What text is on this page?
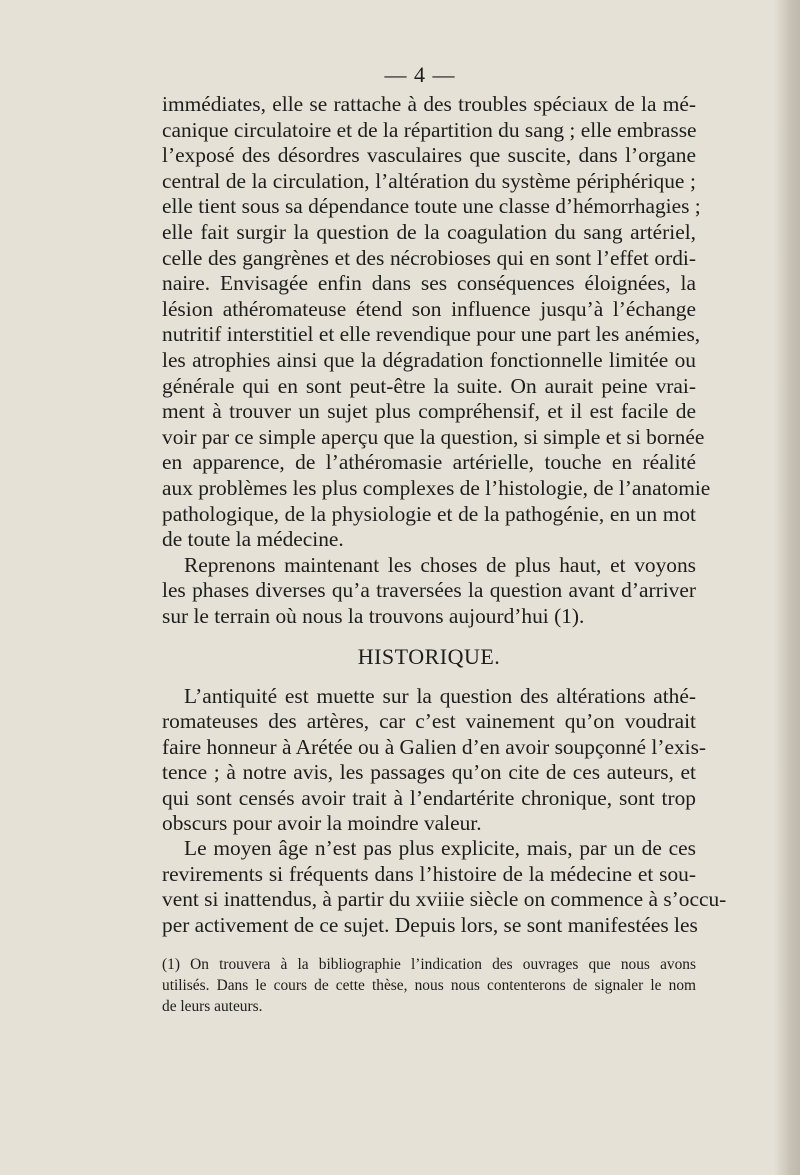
— 4 —
immédiates, elle se rattache à des troubles spéciaux de la mé-
canique circulatoire et de la répartition du sang ; elle embrasse
l’exposé des désordres vasculaires que suscite, dans l’organe
central de la circulation, l’altération du système périphérique ;
elle tient sous sa dépendance toute une classe d’hémorrhagies ;
elle fait surgir la question de la coagulation du sang artériel,
celle des gangrènes et des nécrobioses qui en sont l’effet ordi-
naire. Envisagée enfin dans ses conséquences éloignées, la
lésion athéromateuse étend son influence jusqu’à l’échange
nutritif interstitiel et elle revendique pour une part les anémies,
les atrophies ainsi que la dégradation fonctionnelle limitée ou
générale qui en sont peut-être la suite. On aurait peine vrai-
ment à trouver un sujet plus compréhensif, et il est facile de
voir par ce simple aperçu que la question, si simple et si bornée
en apparence, de l’athéromasie artérielle, touche en réalité
aux problèmes les plus complexes de l’histologie, de l’anatomie
pathologique, de la physiologie et de la pathogénie, en un mot
de toute la médecine.
Reprenons maintenant les choses de plus haut, et voyons
les phases diverses qu’a traversées la question avant d’arriver
sur le terrain où nous la trouvons aujourd’hui (1).
HISTORIQUE.
L’antiquité est muette sur la question des altérations athé-
romateuses des artères, car c’est vainement qu’on voudrait
faire honneur à Arétée ou à Galien d’en avoir soupçonné l’exis-
tence ; à notre avis, les passages qu’on cite de ces auteurs, et
qui sont censés avoir trait à l’endartérite chronique, sont trop
obscurs pour avoir la moindre valeur.
Le moyen âge n’est pas plus explicite, mais, par un de ces
revirements si fréquents dans l’histoire de la médecine et sou-
vent si inattendus, à partir du xviiie siècle on commence à s’occu-
per activement de ce sujet. Depuis lors, se sont manifestées les
(1) On trouvera à la bibliographie l’indication des ouvrages que nous avons
utilisés. Dans le cours de cette thèse, nous nous contenterons de signaler le nom
de leurs auteurs.
